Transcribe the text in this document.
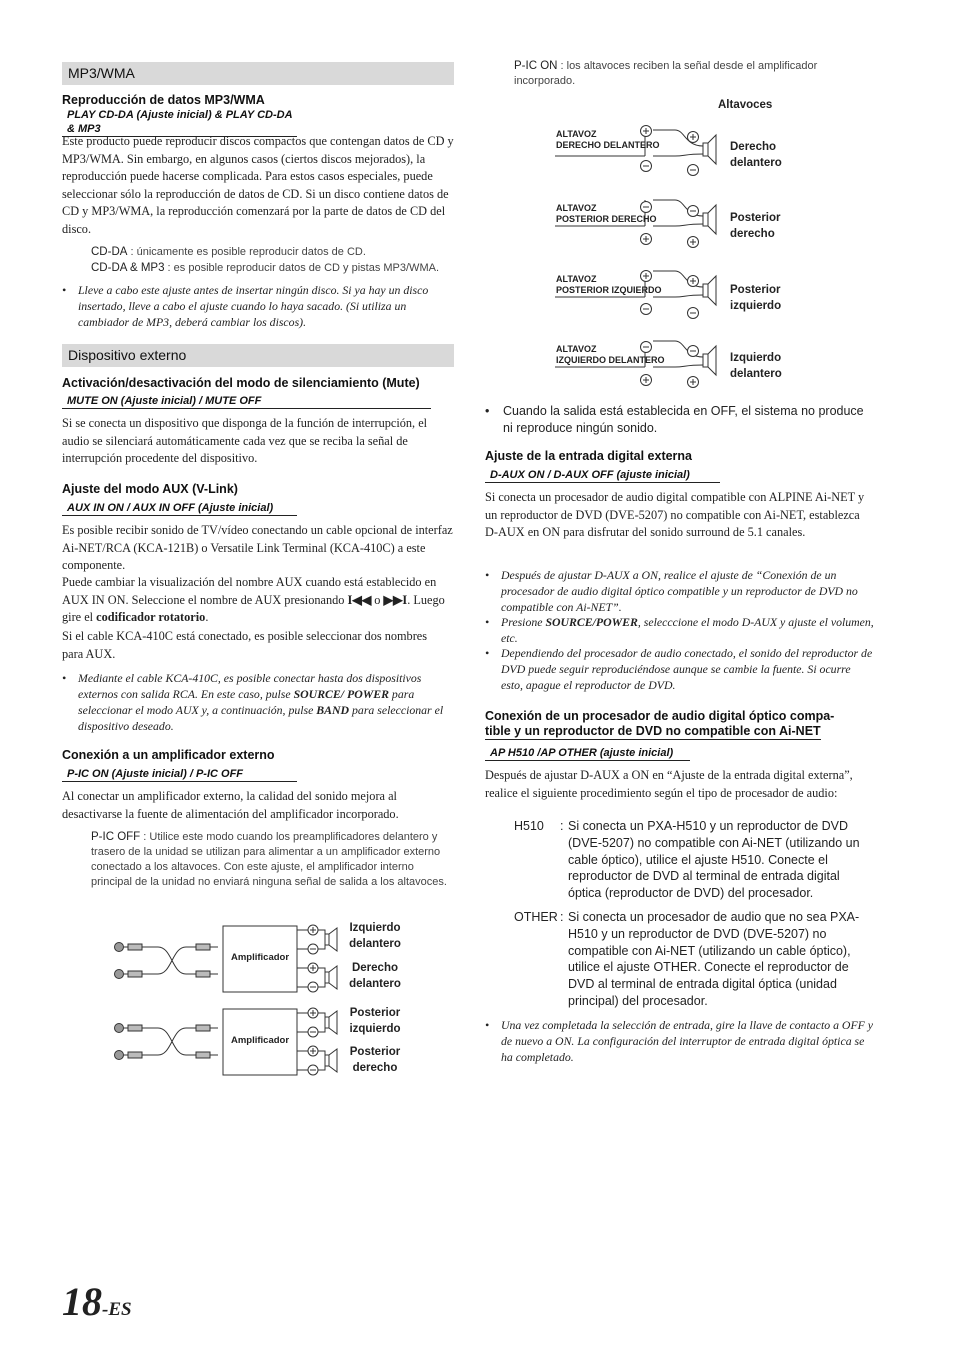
MP3/WMA
Reproducción de datos MP3/WMA
PLAY CD-DA (Ajuste inicial) & PLAY CD-DA & MP3

Este producto puede reproducir discos compactos que contengan datos de CD y MP3/WMA. Sin embargo, en algunos casos (ciertos discos mejorados), la reproducción puede hacerse complicada. Para estos casos especiales, puede seleccionar sólo la reproducción de datos de CD. Si un disco contiene datos de CD y MP3/WMA, la reproducción comenzará por la parte de datos de CD del disco.

CD-DA : únicamente es posible reproducir datos de CD.
CD-DA & MP3 : es posible reproducir datos de CD y pistas MP3/WMA.
• Lleve a cabo este ajuste antes de insertar ningún disco. Si ya hay un disco insertado, lleve a cabo el ajuste cuando lo haya sacado. (Si utiliza un cambiador de MP3, deberá cambiar los discos).
Dispositivo externo
Activación/desactivación del modo de silenciamiento (Mute)
MUTE ON (Ajuste inicial) / MUTE OFF

Si se conecta un dispositivo que disponga de la función de interrupción, el audio se silenciará automáticamente cada vez que se reciba la señal de interrupción procedente del dispositivo.

Ajuste del modo AUX (V-Link)
AUX IN ON / AUX IN OFF (Ajuste inicial)

Es posible recibir sonido de TV/vídeo conectando un cable opcional de interfaz Ai-NET/RCA (KCA-121B) o Versatile Link Terminal (KCA-410C) a este componente.

Puede cambiar la visualización del nombre AUX cuando está establecido en AUX IN ON. Seleccione el nombre de AUX presionando I◀◀ o ▶▶I. Luego gire el codificador rotatorio.

Si el cable KCA-410C está conectado, es posible seleccionar dos nombres para AUX.

• Mediante el cable KCA-410C, es posible conectar hasta dos dispositivos externos con salida RCA. En este caso, pulse SOURCE/ POWER para seleccionar el modo AUX y, a continuación, pulse BAND para seleccionar el dispositivo deseado.
Conexión a un amplificador externo
P-IC ON (Ajuste inicial) / P-IC OFF

Al conectar un amplificador externo, la calidad del sonido mejora al desactivarse la fuente de alimentación del amplificador incorporado.

P-IC OFF : Utilice este modo cuando los preamplificadores delantero y trasero de la unidad se utilizan para alimentar a un amplificador externo conectado a los altavoces. Con este ajuste, el amplificador interno principal de la unidad no enviará ninguna señal de salida a los altavoces.
Amplificador
Amplificador
Izquierdo
delantero
Derecho
delantero
Posterior
izquierdo
Posterior
derecho
18-ES
P-IC ON : los altavoces reciben la señal desde el amplificador incorporado.
Altavoces
ALTAVOZ
DERECHO DELANTERO
ALTAVOZ
POSTERIOR DERECHO
ALTAVOZ
POSTERIOR IZQUIERDO
ALTAVOZ
IZQUIERDO DELANTERO
Derecho
delantero
Posterior
derecho
Posterior
izquierdo
Izquierdo
delantero
• Cuando la salida está establecida en OFF, el sistema no produce ni reproduce ningún sonido.
Ajuste de la entrada digital externa
D-AUX ON / D-AUX OFF (ajuste inicial)

Si conecta un procesador de audio digital compatible con ALPINE Ai-NET y un reproductor de DVD (DVE-5207) no compatible con Ai-NET, establezca D-AUX en ON para disfrutar del sonido surround de 5.1 canales.

• Después de ajustar D-AUX a ON, realice el ajuste de “Conexión de un procesador de audio digital óptico compatible y un reproductor de DVD no compatible con Ai-NET”.
• Presione SOURCE/POWER, selecccione el modo D-AUX y ajuste el volumen, etc.
• Dependiendo del procesador de audio conectado, el sonido del reproductor de DVD puede seguir reproduciéndose aunque se cambie la fuente. Si ocurre esto, apague el reproductor de DVD.
Conexión de un procesador de audio digital óptico compa-
tible y un reproductor de DVD no compatible con Ai-NET
AP H510 /AP OTHER (ajuste inicial)

Después de ajustar D-AUX a ON en “Ajuste de la entrada digital externa”, realice el siguiente procedimiento según el tipo de procesador de audio:

H510 : Si conecta un PXA-H510 y un reproductor de DVD (DVE-5207) no compatible con Ai-NET (utilizando un cable óptico), utilice el ajuste H510. Conecte el reproductor de DVD al terminal de entrada digital óptica (reproductor de DVD) del procesador.
OTHER : Si conecta un procesador de audio que no sea PXA-H510 y un reproductor de DVD (DVE-5207) no compatible con Ai-NET (utilizando un cable óptico), utilice el ajuste OTHER. Conecte el reproductor de DVD al terminal de entrada digital óptica (unidad principal) del procesador.
• Una vez completada la selección de entrada, gire la llave de contacto a OFF y de nuevo a ON. La configuración del interruptor de entrada digital óptica se ha completado.
